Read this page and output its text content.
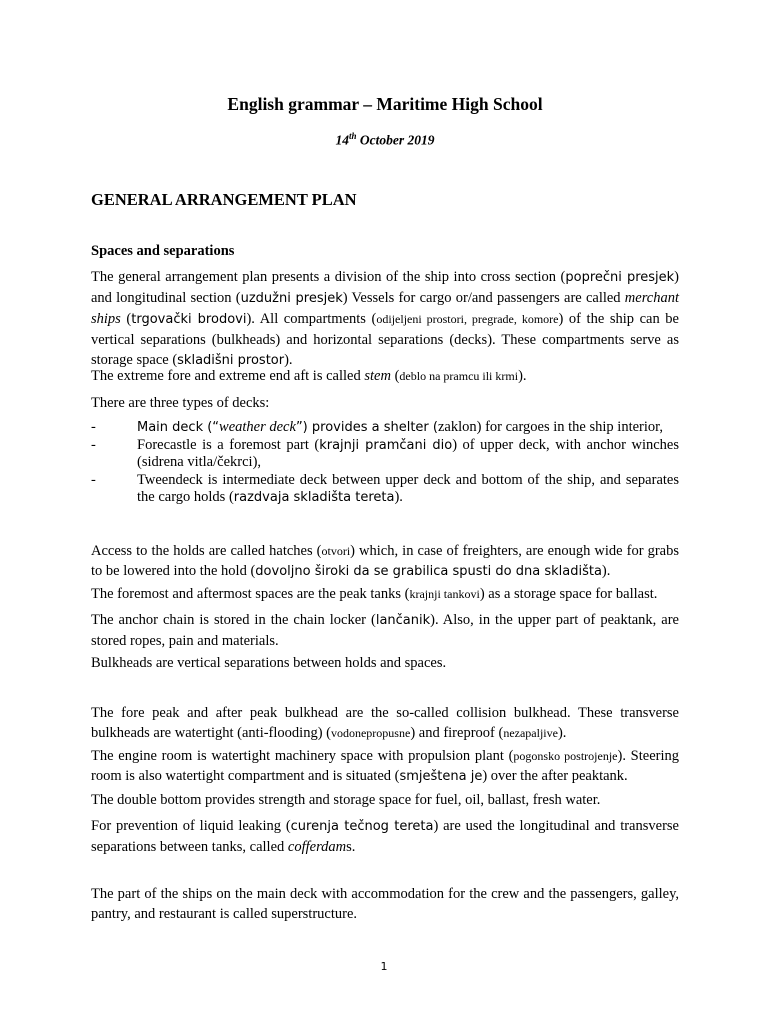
English grammar – Maritime High School
14th October 2019
GENERAL ARRANGEMENT PLAN
Spaces and separations
The general arrangement plan presents a division of the ship into cross section (poprečni presjek) and longitudinal section (uzdužni presjek) Vessels for cargo or/and passengers are called merchant ships (trgovački brodovi). All compartments (odijeljeni prostori, pregrade, komore) of the ship can be vertical separations (bulkheads) and horizontal separations (decks). These compartments serve as storage space (skladišni prostor).
The extreme fore and extreme end aft is called stem (deblo na pramcu ili krmi).
There are three types of decks:
-	Main deck (“weather deck”) provides a shelter (zaklon) for cargoes in the ship interior,
-	Forecastle is a foremost part (krajnji pramčani dio) of upper deck, with anchor winches (sidrena vitla/čekrci),
-	Tweendeck is intermediate deck between upper deck and bottom of the ship, and separates the cargo holds (razdvaja skladišta tereta).
Access to the holds are called hatches (otvori) which, in case of freighters, are enough wide for grabs to be lowered into the hold (dovoljno široki da se grabilica spusti do dna skladišta).
The foremost and aftermost spaces are the peak tanks (krajnji tankovi) as a storage space for ballast.
The anchor chain is stored in the chain locker (lančanik). Also, in the upper part of peaktank, are stored ropes, pain and materials.
Bulkheads are vertical separations between holds and spaces.
The fore peak and after peak bulkhead are the so-called collision bulkhead. These transverse bulkheads are watertight (anti-flooding) (vodonepropusne) and fireproof (nezapaljive).
The engine room is watertight machinery space with propulsion plant (pogonsko postrojenje). Steering room is also watertight compartment and is situated (smještena je) over the after peaktank.
The double bottom provides strength and storage space for fuel, oil, ballast, fresh water.
For prevention of liquid leaking (curenja tečnog tereta) are used the longitudinal and transverse separations between tanks, called cofferdams.
The part of the ships on the main deck with accommodation for the crew and the passengers, galley, pantry, and restaurant is called superstructure.
1
